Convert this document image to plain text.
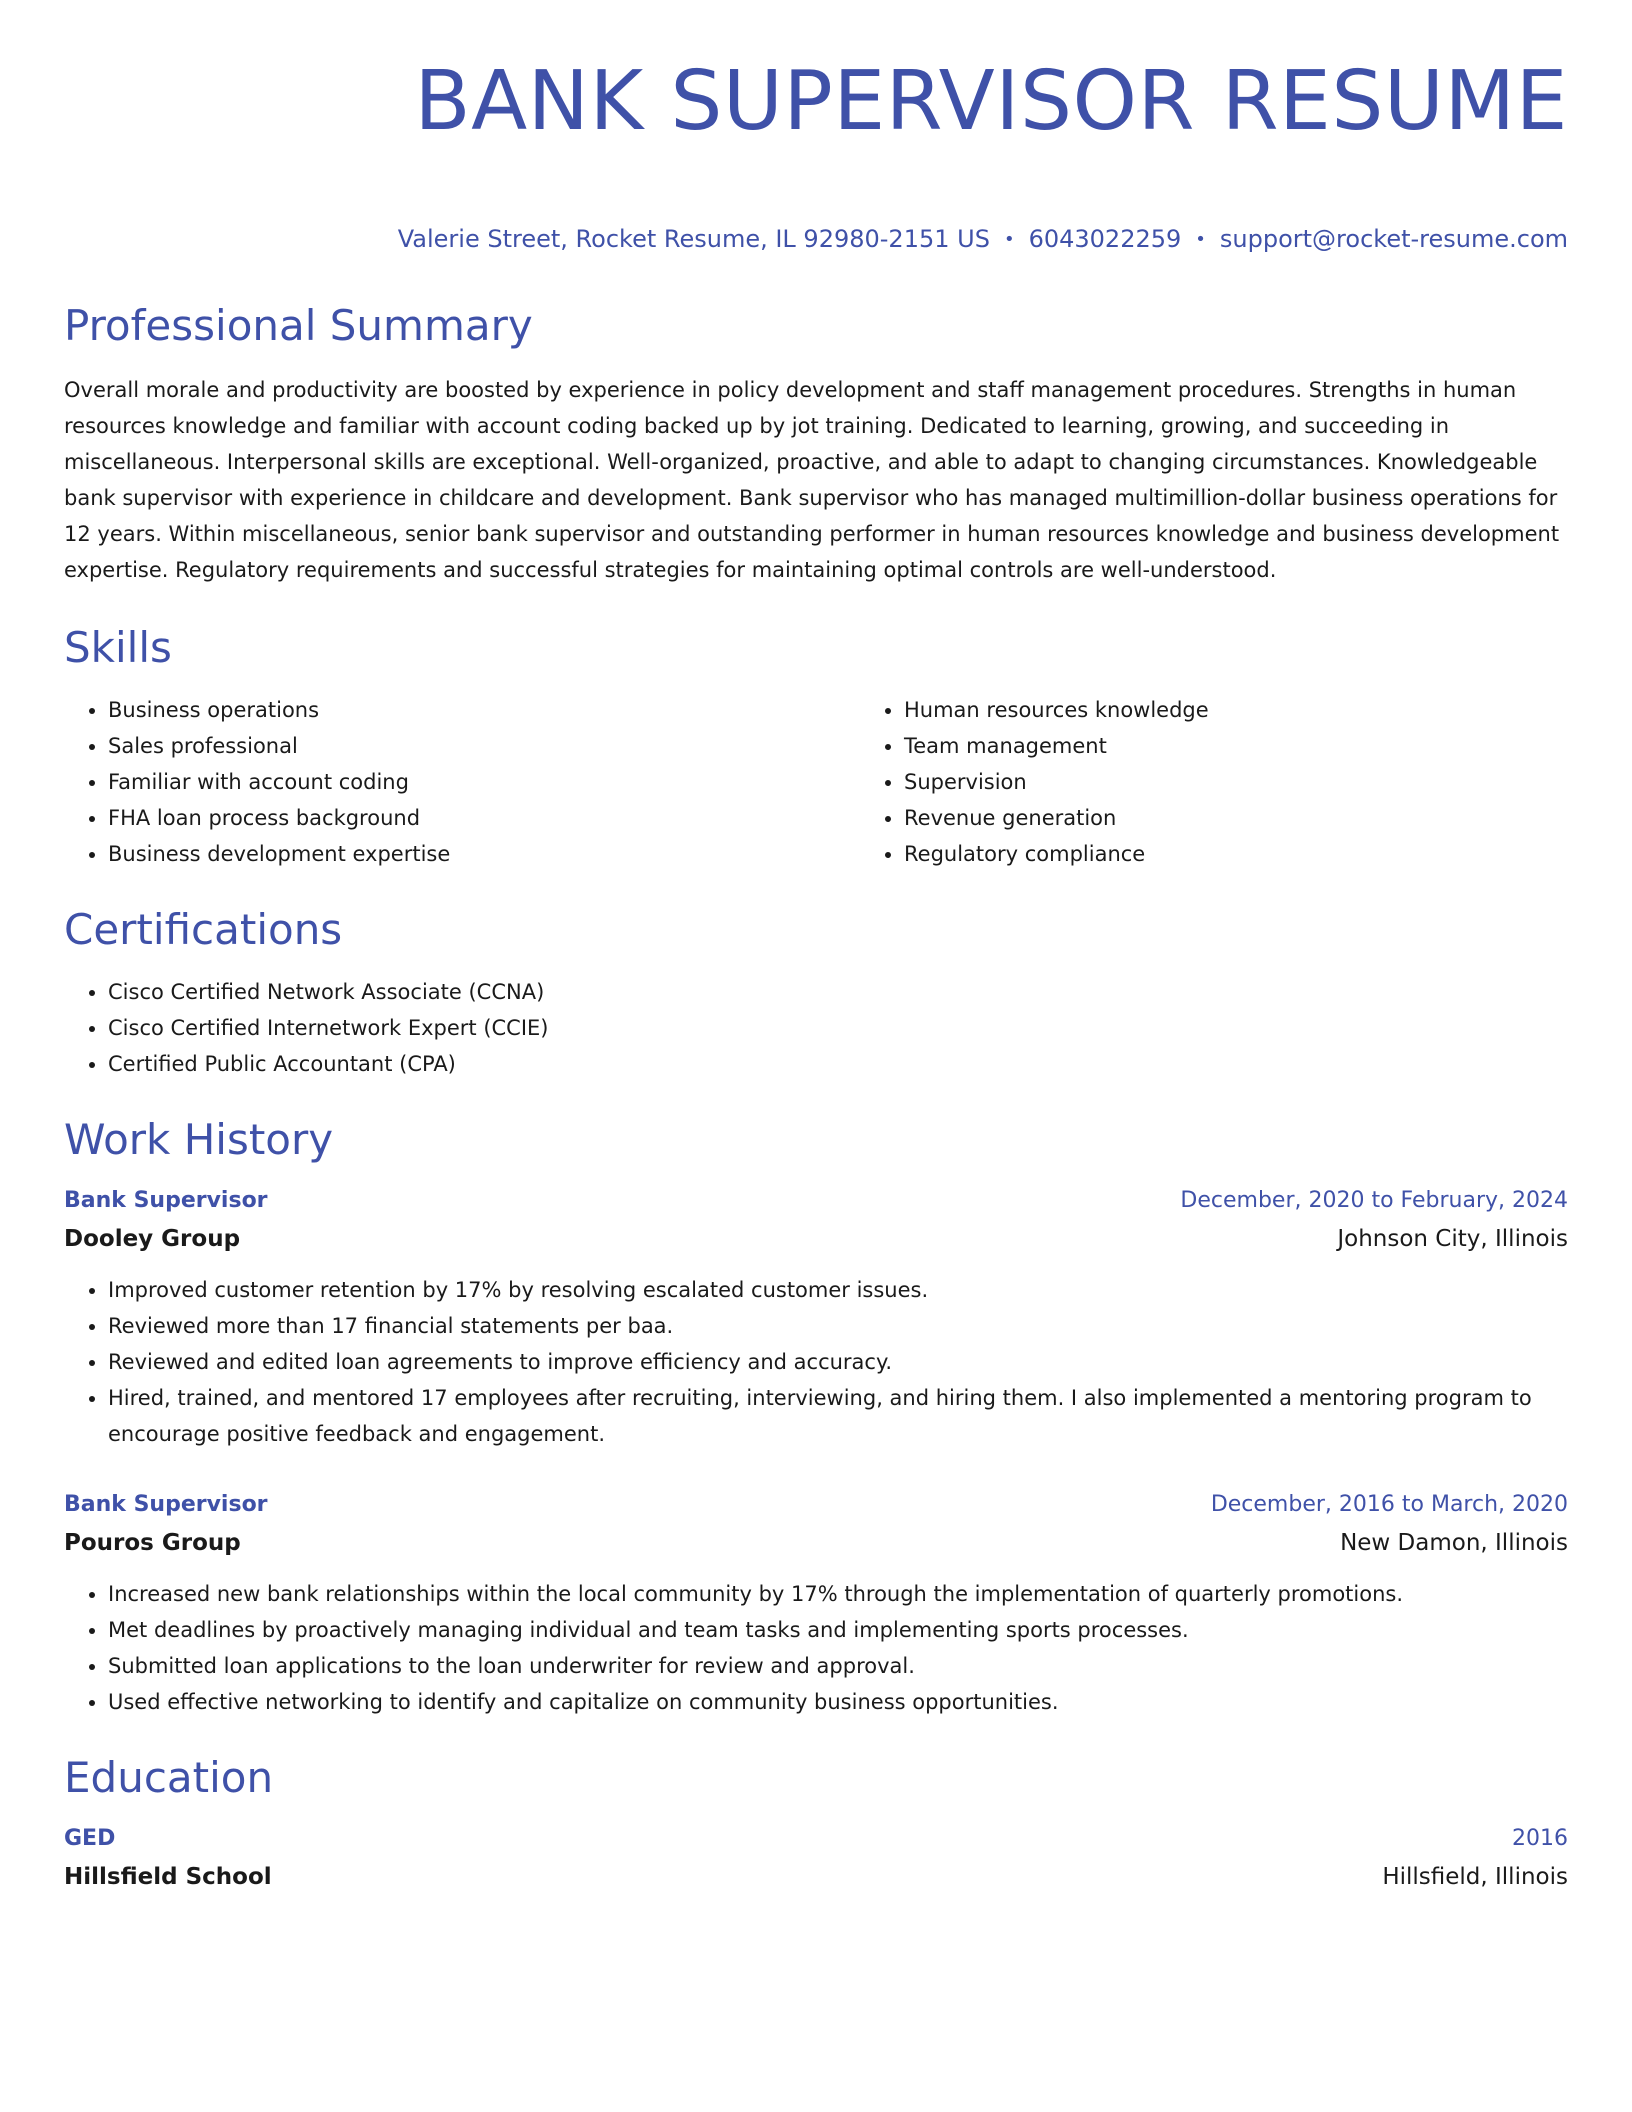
BANK SUPERVISOR RESUME
Valerie Street, Rocket Resume, IL 92980-2151 US • 6043022259 • support@rocket-resume.com
Professional Summary

Overall morale and productivity are boosted by experience in policy development and staff management procedures. Strengths in human resources knowledge and familiar with account coding backed up by jot training. Dedicated to learning, growing, and succeeding in miscellaneous. Interpersonal skills are exceptional. Well-organized, proactive, and able to adapt to changing circumstances. Knowledgeable bank supervisor with experience in childcare and development. Bank supervisor who has managed multimillion-dollar business operations for 12 years. Within miscellaneous, senior bank supervisor and outstanding performer in human resources knowledge and business development expertise. Regulatory requirements and successful strategies for maintaining optimal controls are well-understood.

Skills
• Business operations
• Sales professional
• Familiar with account coding
• FHA loan process background
• Business development expertise
• Human resources knowledge
• Team management
• Supervision
• Revenue generation
• Regulatory compliance
Certifications
• Cisco Certified Network Associate (CCNA)
• Cisco Certified Internetwork Expert (CCIE)
• Certified Public Accountant (CPA)
Work History
Bank Supervisor	December, 2020 to February, 2024
Dooley Group	Johnson City, Illinois
• Improved customer retention by 17% by resolving escalated customer issues.
• Reviewed more than 17 financial statements per baa.
• Reviewed and edited loan agreements to improve efficiency and accuracy.
• Hired, trained, and mentored 17 employees after recruiting, interviewing, and hiring them. I also implemented a mentoring program to encourage positive feedback and engagement.
Bank Supervisor	December, 2016 to March, 2020
Pouros Group	New Damon, Illinois
• Increased new bank relationships within the local community by 17% through the implementation of quarterly promotions.
• Met deadlines by proactively managing individual and team tasks and implementing sports processes.
• Submitted loan applications to the loan underwriter for review and approval.
• Used effective networking to identify and capitalize on community business opportunities.
Education
GED	2016
Hillsfield School	Hillsfield, Illinois
